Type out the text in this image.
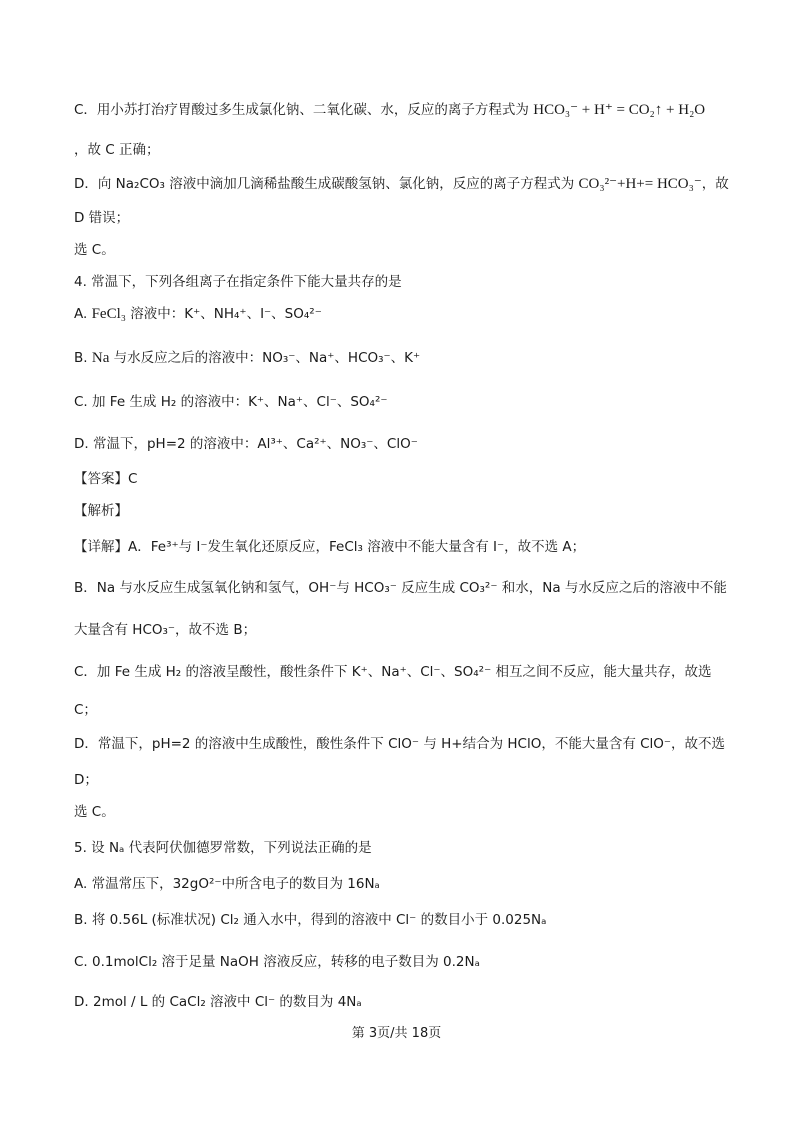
C．用小苏打治疗胃酸过多生成氯化钠、二氧化碳、水，反应的离子方程式为 HCO₃⁻ + H⁺ = CO₂↑ + H₂O
，故 C 正确；
D．向 Na₂CO₃ 溶液中滴加几滴稀盐酸生成碳酸氢钠、氯化钠，反应的离子方程式为 CO₃²⁻+H+= HCO₃⁻，故
D 错误；
选 C。
4. 常温下，下列各组离子在指定条件下能大量共存的是
A. FeCl₃ 溶液中：K⁺、NH₄⁺、I⁻、SO₄²⁻
B. Na 与水反应之后的溶液中：NO₃⁻、Na⁺、HCO₃⁻、K⁺
C. 加 Fe 生成 H₂ 的溶液中：K⁺、Na⁺、Cl⁻、SO₄²⁻
D. 常温下，pH=2 的溶液中：Al³⁺、Ca²⁺、NO₃⁻、ClO⁻
【答案】C
【解析】
【详解】A．Fe³⁺与 I⁻发生氧化还原反应，FeCl₃ 溶液中不能大量含有 I⁻，故不选 A；
B．Na 与水反应生成氢氧化钠和氢气，OH⁻与 HCO₃⁻ 反应生成 CO₃²⁻ 和水，Na 与水反应之后的溶液中不能
大量含有 HCO₃⁻，故不选 B；
C．加 Fe 生成 H₂ 的溶液呈酸性，酸性条件下 K⁺、Na⁺、Cl⁻、SO₄²⁻ 相互之间不反应，能大量共存，故选
C；
D．常温下，pH=2 的溶液中生成酸性，酸性条件下 ClO⁻ 与 H+结合为 HClO，不能大量含有 ClO⁻，故不选
D；
选 C。
5. 设 Nₐ 代表阿伏伽德罗常数，下列说法正确的是
A. 常温常压下，32gO²⁻中所含电子的数目为 16Nₐ
B. 将 0.56L (标准状况) Cl₂ 通入水中，得到的溶液中 Cl⁻ 的数目小于 0.025Nₐ
C. 0.1molCl₂ 溶于足量 NaOH 溶液反应，转移的电子数目为 0.2Nₐ
D. 2mol / L 的 CaCl₂ 溶液中 Cl⁻ 的数目为 4Nₐ
第 3页/共 18页
